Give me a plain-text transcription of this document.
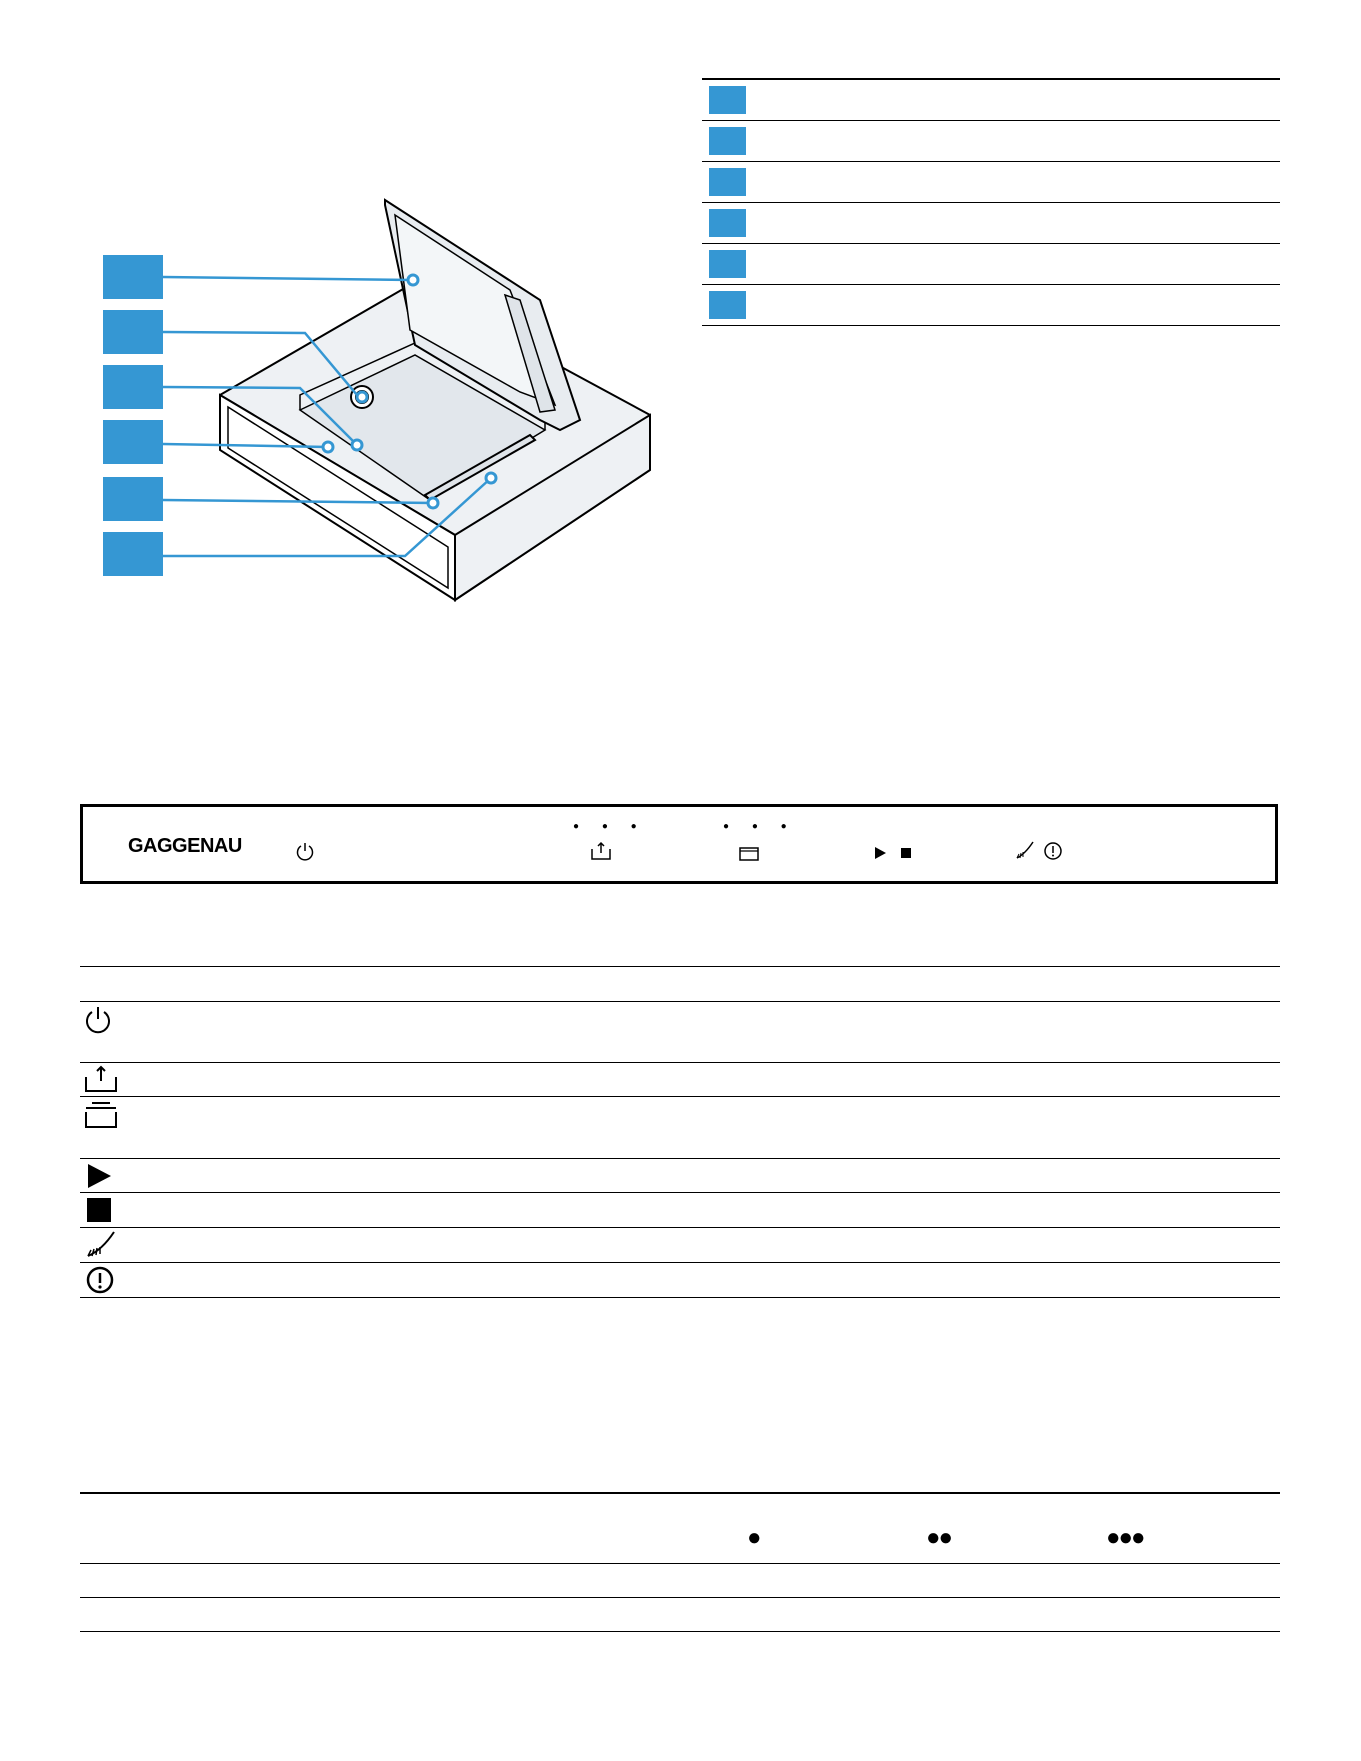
GAGGENAU
● ● ●	● ● ●
●	●●	●●●
